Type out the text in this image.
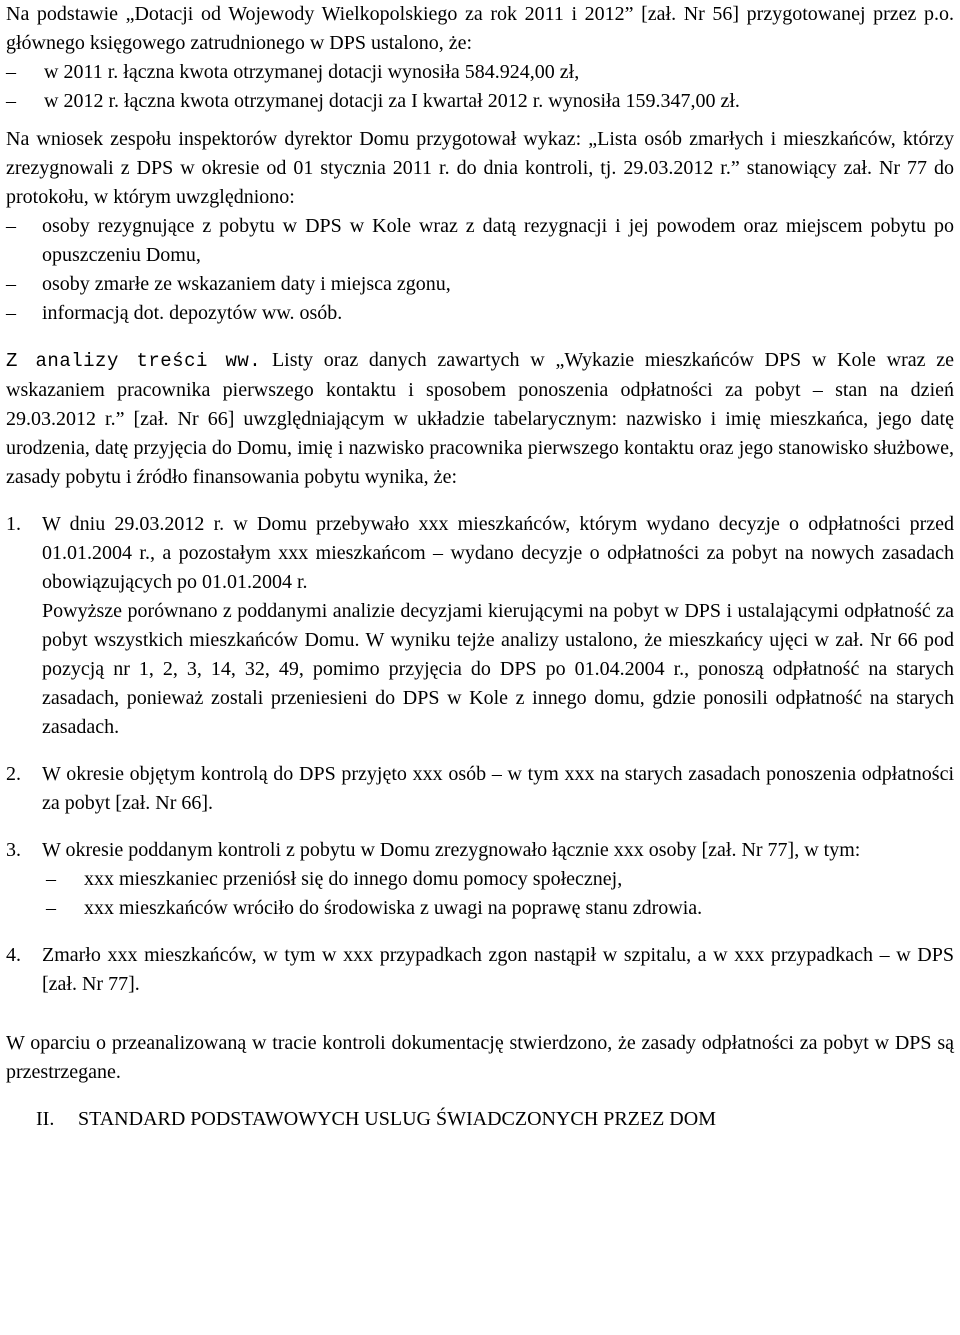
Na podstawie „Dotacji od Wojewody Wielkopolskiego za rok 2011 i 2012” [zał. Nr 56] przygotowanej przez p.o. głównego księgowego zatrudnionego w DPS ustalono, że:

–	w 2011 r. łączna kwota otrzymanej dotacji wynosiła 584.924,00 zł,
–	w 2012 r. łączna kwota otrzymanej dotacji za I kwartał 2012 r. wynosiła 159.347,00 zł.

Na wniosek zespołu inspektorów dyrektor Domu przygotował wykaz: „Lista osób zmarłych i mieszkańców, którzy zrezygnowali z DPS w okresie od 01 stycznia 2011 r. do dnia kontroli, tj. 29.03.2012 r.” stanowiący zał. Nr 77 do protokołu, w którym uwzględniono:

–	osoby rezygnujące z pobytu w DPS w Kole wraz z datą rezygnacji i jej powodem oraz miejscem pobytu po opuszczeniu Domu,
–	osoby zmarłe ze wskazaniem daty i miejsca zgonu,
–	informacją dot. depozytów ww. osób.

Z analizy treści ww. Listy oraz danych zawartych w „Wykazie mieszkańców DPS w Kole wraz ze wskazaniem pracownika pierwszego kontaktu i sposobem ponoszenia odpłatności za pobyt – stan na dzień 29.03.2012 r.” [zał. Nr 66] uwzględniającym w układzie tabelarycznym: nazwisko i imię mieszkańca, jego datę urodzenia, datę przyjęcia do Domu, imię i nazwisko pracownika pierwszego kontaktu oraz jego stanowisko służbowe, zasady pobytu i źródło finansowania pobytu wynika, że:

1. W dniu 29.03.2012 r. w Domu przebywało xxx mieszkańców, którym wydano decyzje o odpłatności przed 01.01.2004 r., a pozostałym xxx mieszkańcom – wydano decyzje o odpłatności za pobyt na nowych zasadach obowiązujących po 01.01.2004 r.
Powyższe porównano z poddanymi analizie decyzjami kierującymi na pobyt w DPS i ustalającymi odpłatność za pobyt wszystkich mieszkańców Domu. W wyniku tejże analizy ustalono, że mieszkańcy ujęci w zał. Nr 66 pod pozycją nr 1, 2, 3, 14, 32, 49, pomimo przyjęcia do DPS po 01.04.2004 r., ponoszą odpłatność na starych zasadach, ponieważ zostali przeniesieni do DPS w Kole z innego domu, gdzie ponosili odpłatność na starych zasadach.
2. W okresie objętym kontrolą do DPS przyjęto xxx osób – w tym xxx na starych zasadach ponoszenia odpłatności za pobyt [zał. Nr 66].
3. W okresie poddanym kontroli z pobytu w Domu zrezygnowało łącznie xxx osoby [zał. Nr 77], w tym:
–	xxx mieszkaniec przeniósł się do innego domu pomocy społecznej,
–	xxx mieszkańców wróciło do środowiska z uwagi na poprawę stanu zdrowia.
4. Zmarło xxx mieszkańców, w tym w xxx przypadkach zgon nastąpił w szpitalu, a w xxx przypadkach – w DPS [zał. Nr 77].

W oparciu o przeanalizowaną w tracie kontroli dokumentację stwierdzono, że zasady odpłatności za pobyt w DPS są przestrzegane.

II. STANDARD PODSTAWOWYCH USLUG ŚWIADCZONYCH PRZEZ DOM
